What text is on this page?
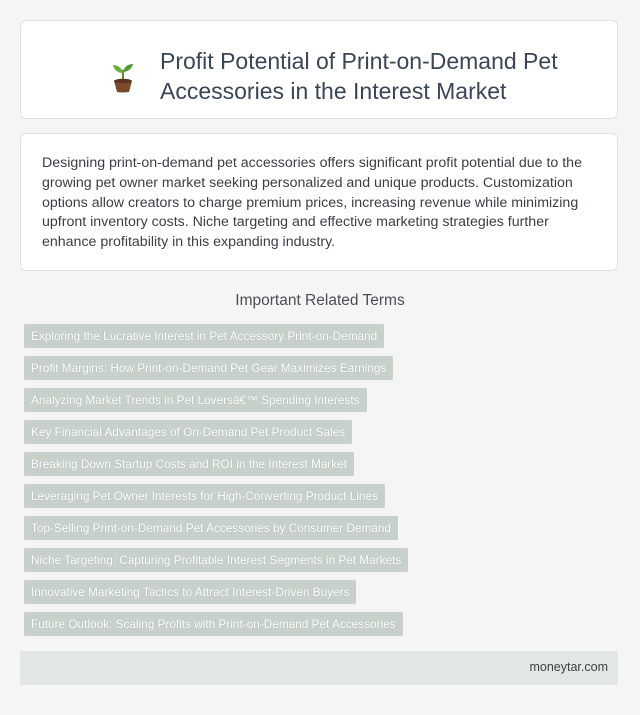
Profit Potential of Print-on-Demand Pet Accessories in the Interest Market

Designing print-on-demand pet accessories offers significant profit potential due to the growing pet owner market seeking personalized and unique products. Customization options allow creators to charge premium prices, increasing revenue while minimizing upfront inventory costs. Niche targeting and effective marketing strategies further enhance profitability in this expanding industry.

Important Related Terms
Exploring the Lucrative Interest in Pet Accessory Print-on-Demand
Profit Margins: How Print-on-Demand Pet Gear Maximizes Earnings
Analyzing Market Trends in Pet Loversâ€™ Spending Interests
Key Financial Advantages of On-Demand Pet Product Sales
Breaking Down Startup Costs and ROI in the Interest Market
Leveraging Pet Owner Interests for High-Converting Product Lines
Top-Selling Print-on-Demand Pet Accessories by Consumer Demand
Niche Targeting: Capturing Profitable Interest Segments in Pet Markets
Innovative Marketing Tactics to Attract Interest-Driven Buyers
Future Outlook: Scaling Profits with Print-on-Demand Pet Accessories
moneytar.com
